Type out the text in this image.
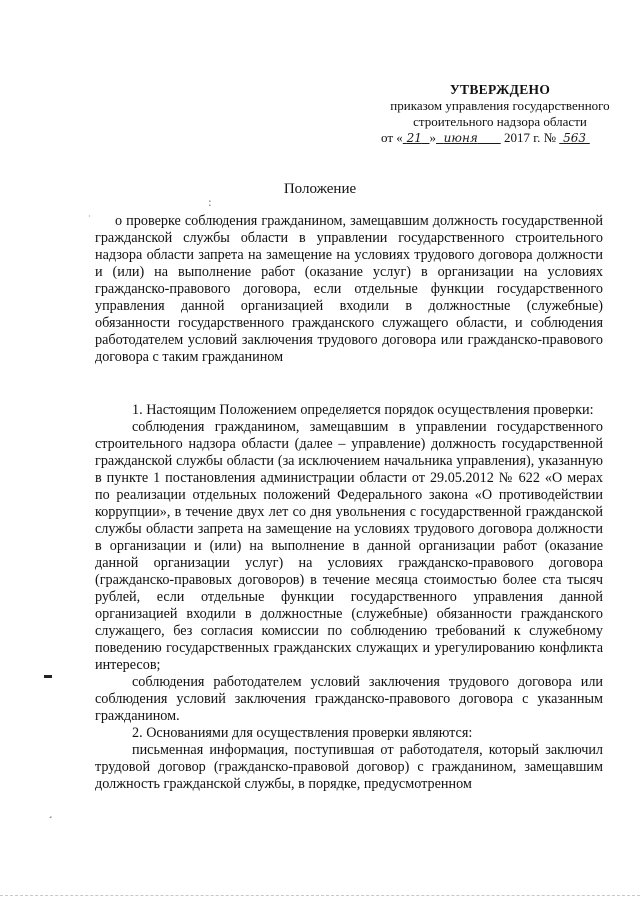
УТВЕРЖДЕНО
приказом управления государственного
строительного надзора области
от « 21 » июня       2017 г. №  563
Положение
:
·	о проверке соблюдения гражданином, замещавшим должность государственной гражданской службы области в управлении государственного строительного надзора области запрета на замещение на условиях трудового договора должности и (или) на выполнение работ (оказание услуг) в организации на условиях гражданско-правового договора, если отдельные функции государственного управления данной организацией входили в должностные (служебные) обязанности государственного гражданского служащего области, и соблюдения работодателем условий заключения трудового договора или гражданско-правового договора с таким гражданином

1. Настоящим Положением определяется порядок осуществления проверки:

соблюдения гражданином, замещавшим в управлении государственного строительного надзора области (далее – управление) должность государственной гражданской службы области (за исключением начальника управления), указанную в пункте 1 постановления администрации области от 29.05.2012 № 622 «О мерах по реализации отдельных положений Федерального закона «О противодействии коррупции», в течение двух лет со дня увольнения с государственной гражданской службы области запрета на замещение на условиях трудового договора должности в организации и (или) на выполнение в данной организации работ (оказание данной организации услуг) на условиях гражданско-правового договора (гражданско-правовых договоров) в течение месяца стоимостью более ста тысяч рублей, если отдельные функции государственного управления данной организацией входили в должностные (служебные) обязанности гражданского служащего, без согласия комиссии по соблюдению требований к служебному поведению государственных гражданских служащих и урегулированию конфликта интересов;

соблюдения работодателем условий заключения трудового договора или соблюдения условий заключения гражданско-правового договора с указанным гражданином.

2. Основаниями для осуществления проверки являются:

письменная информация, поступившая от работодателя, который заключил трудовой договор (гражданско-правовой договор) с гражданином, замещавшим должность гражданской службы, в порядке, предусмотренном

¸
